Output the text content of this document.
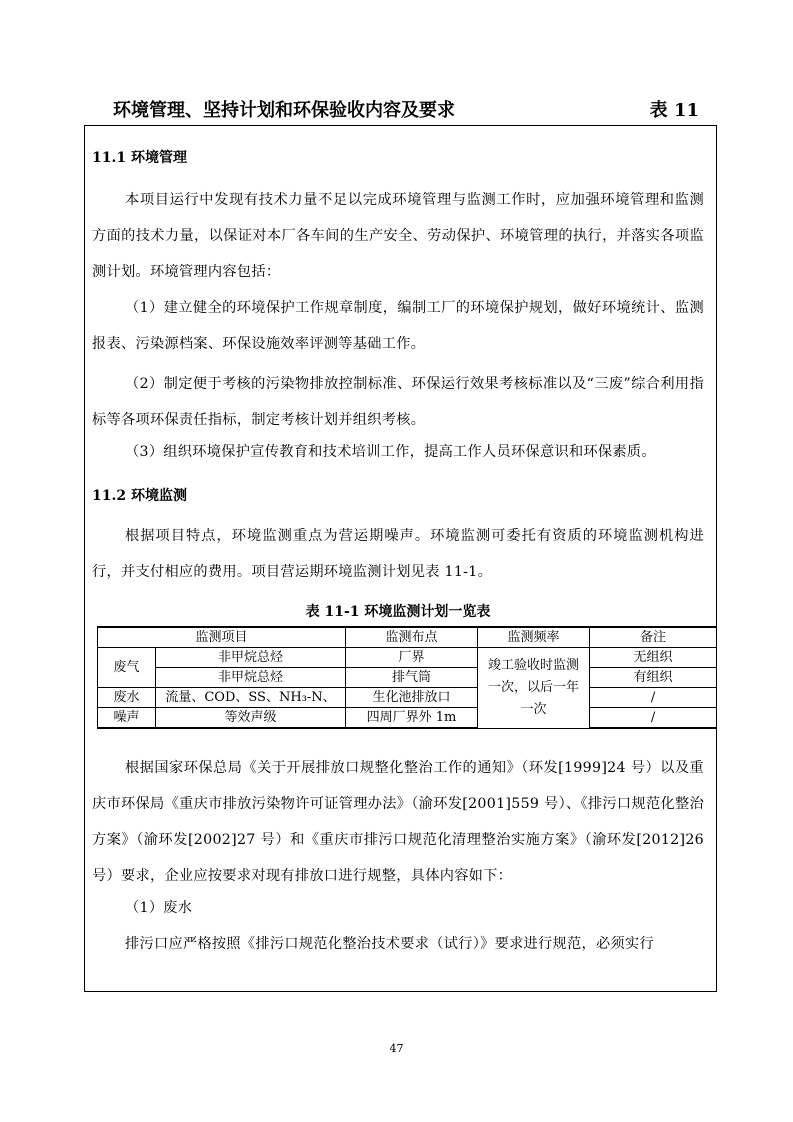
环境管理、坚持计划和环保验收内容及要求	表 11
11.1 环境管理
本项目运行中发现有技术力量不足以完成环境管理与监测工作时，应加强环境管理和监测方面的技术力量，以保证对本厂各车间的生产安全、劳动保护、环境管理的执行，并落实各项监测计划。环境管理内容包括：
（1）建立健全的环境保护工作规章制度，编制工厂的环境保护规划，做好环境统计、监测报表、污染源档案、环保设施效率评测等基础工作。
（2）制定便于考核的污染物排放控制标准、环保运行效果考核标准以及“三废”综合利用指标等各项环保责任指标，制定考核计划并组织考核。
（3）组织环境保护宣传教育和技术培训工作，提高工作人员环保意识和环保素质。
11.2 环境监测
根据项目特点，环境监测重点为营运期噪声。环境监测可委托有资质的环境监测机构进行，并支付相应的费用。项目营运期环境监测计划见表 11-1。
表 11-1 环境监测计划一览表
监测项目		监测布点	监测频率	备注
废气	非甲烷总烃	厂界	竣工验收时监测一次，以后一年一次	无组织
	非甲烷总烃	排气筒		有组织
废水	流量、COD、SS、NH₃-N、	生化池排放口		/
噪声	等效声级	四周厂界外 1m		/
根据国家环保总局《关于开展排放口规整化整治工作的通知》（环发[1999]24 号）以及重庆市环保局《重庆市排放污染物许可证管理办法》（渝环发[2001]559 号）、《排污口规范化整治方案》（渝环发[2002]27 号）和《重庆市排污口规范化清理整治实施方案》（渝环发[2012]26 号）要求，企业应按要求对现有排放口进行规整，具体内容如下：
（1）废水
排污口应严格按照《排污口规范化整治技术要求（试行）》要求进行规范，必须实行
47
